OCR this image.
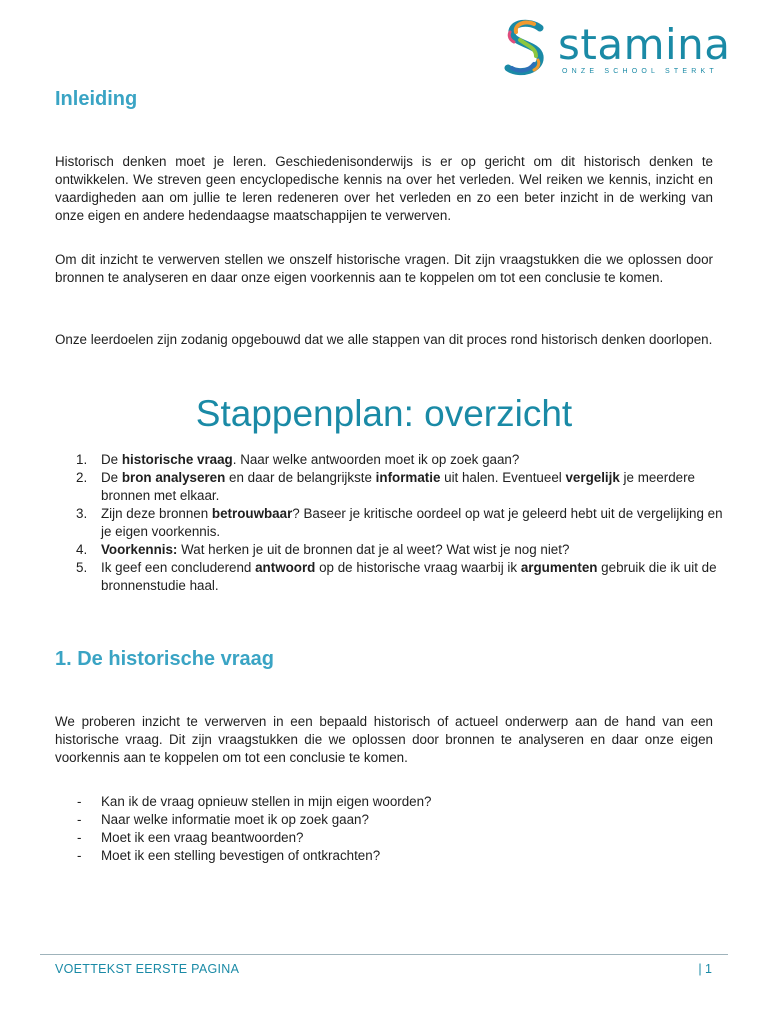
stamina
ONZE SCHOOL STERKT
Inleiding

Historisch denken moet je leren. Geschiedenisonderwijs is er op gericht om dit historisch denken te ontwikkelen. We streven geen encyclopedische kennis na over het verleden. Wel reiken we kennis, inzicht en vaardigheden aan om jullie te leren redeneren over het verleden en zo een beter inzicht in de werking van onze eigen en andere hedendaagse maatschappijen te verwerven.

Om dit inzicht te verwerven stellen we onszelf historische vragen. Dit zijn vraagstukken die we oplossen door bronnen te analyseren en daar onze eigen voorkennis aan te koppelen om tot een conclusie te komen.

Onze leerdoelen zijn zodanig opgebouwd dat we alle stappen van dit proces rond historisch denken doorlopen.

Stappenplan: overzicht
1. De historische vraag. Naar welke antwoorden moet ik op zoek gaan?
2. De bron analyseren en daar de belangrijkste informatie uit halen. Eventueel vergelijk je meerdere bronnen met elkaar.
3. Zijn deze bronnen betrouwbaar? Baseer je kritische oordeel op wat je geleerd hebt uit de vergelijking en je eigen voorkennis.
4. Voorkennis: Wat herken je uit de bronnen dat je al weet? Wat wist je nog niet?
5. Ik geef een concluderend antwoord op de historische vraag waarbij ik argumenten gebruik die ik uit de bronnenstudie haal.
1. De historische vraag

We proberen inzicht te verwerven in een bepaald historisch of actueel onderwerp aan de hand van een historische vraag. Dit zijn vraagstukken die we oplossen door bronnen te analyseren en daar onze eigen voorkennis aan te koppelen om tot een conclusie te komen.

- Kan ik de vraag opnieuw stellen in mijn eigen woorden?
- Naar welke informatie moet ik op zoek gaan?
- Moet ik een vraag beantwoorden?
- Moet ik een stelling bevestigen of ontkrachten?
VOETTEKST EERSTE PAGINA	| 1
